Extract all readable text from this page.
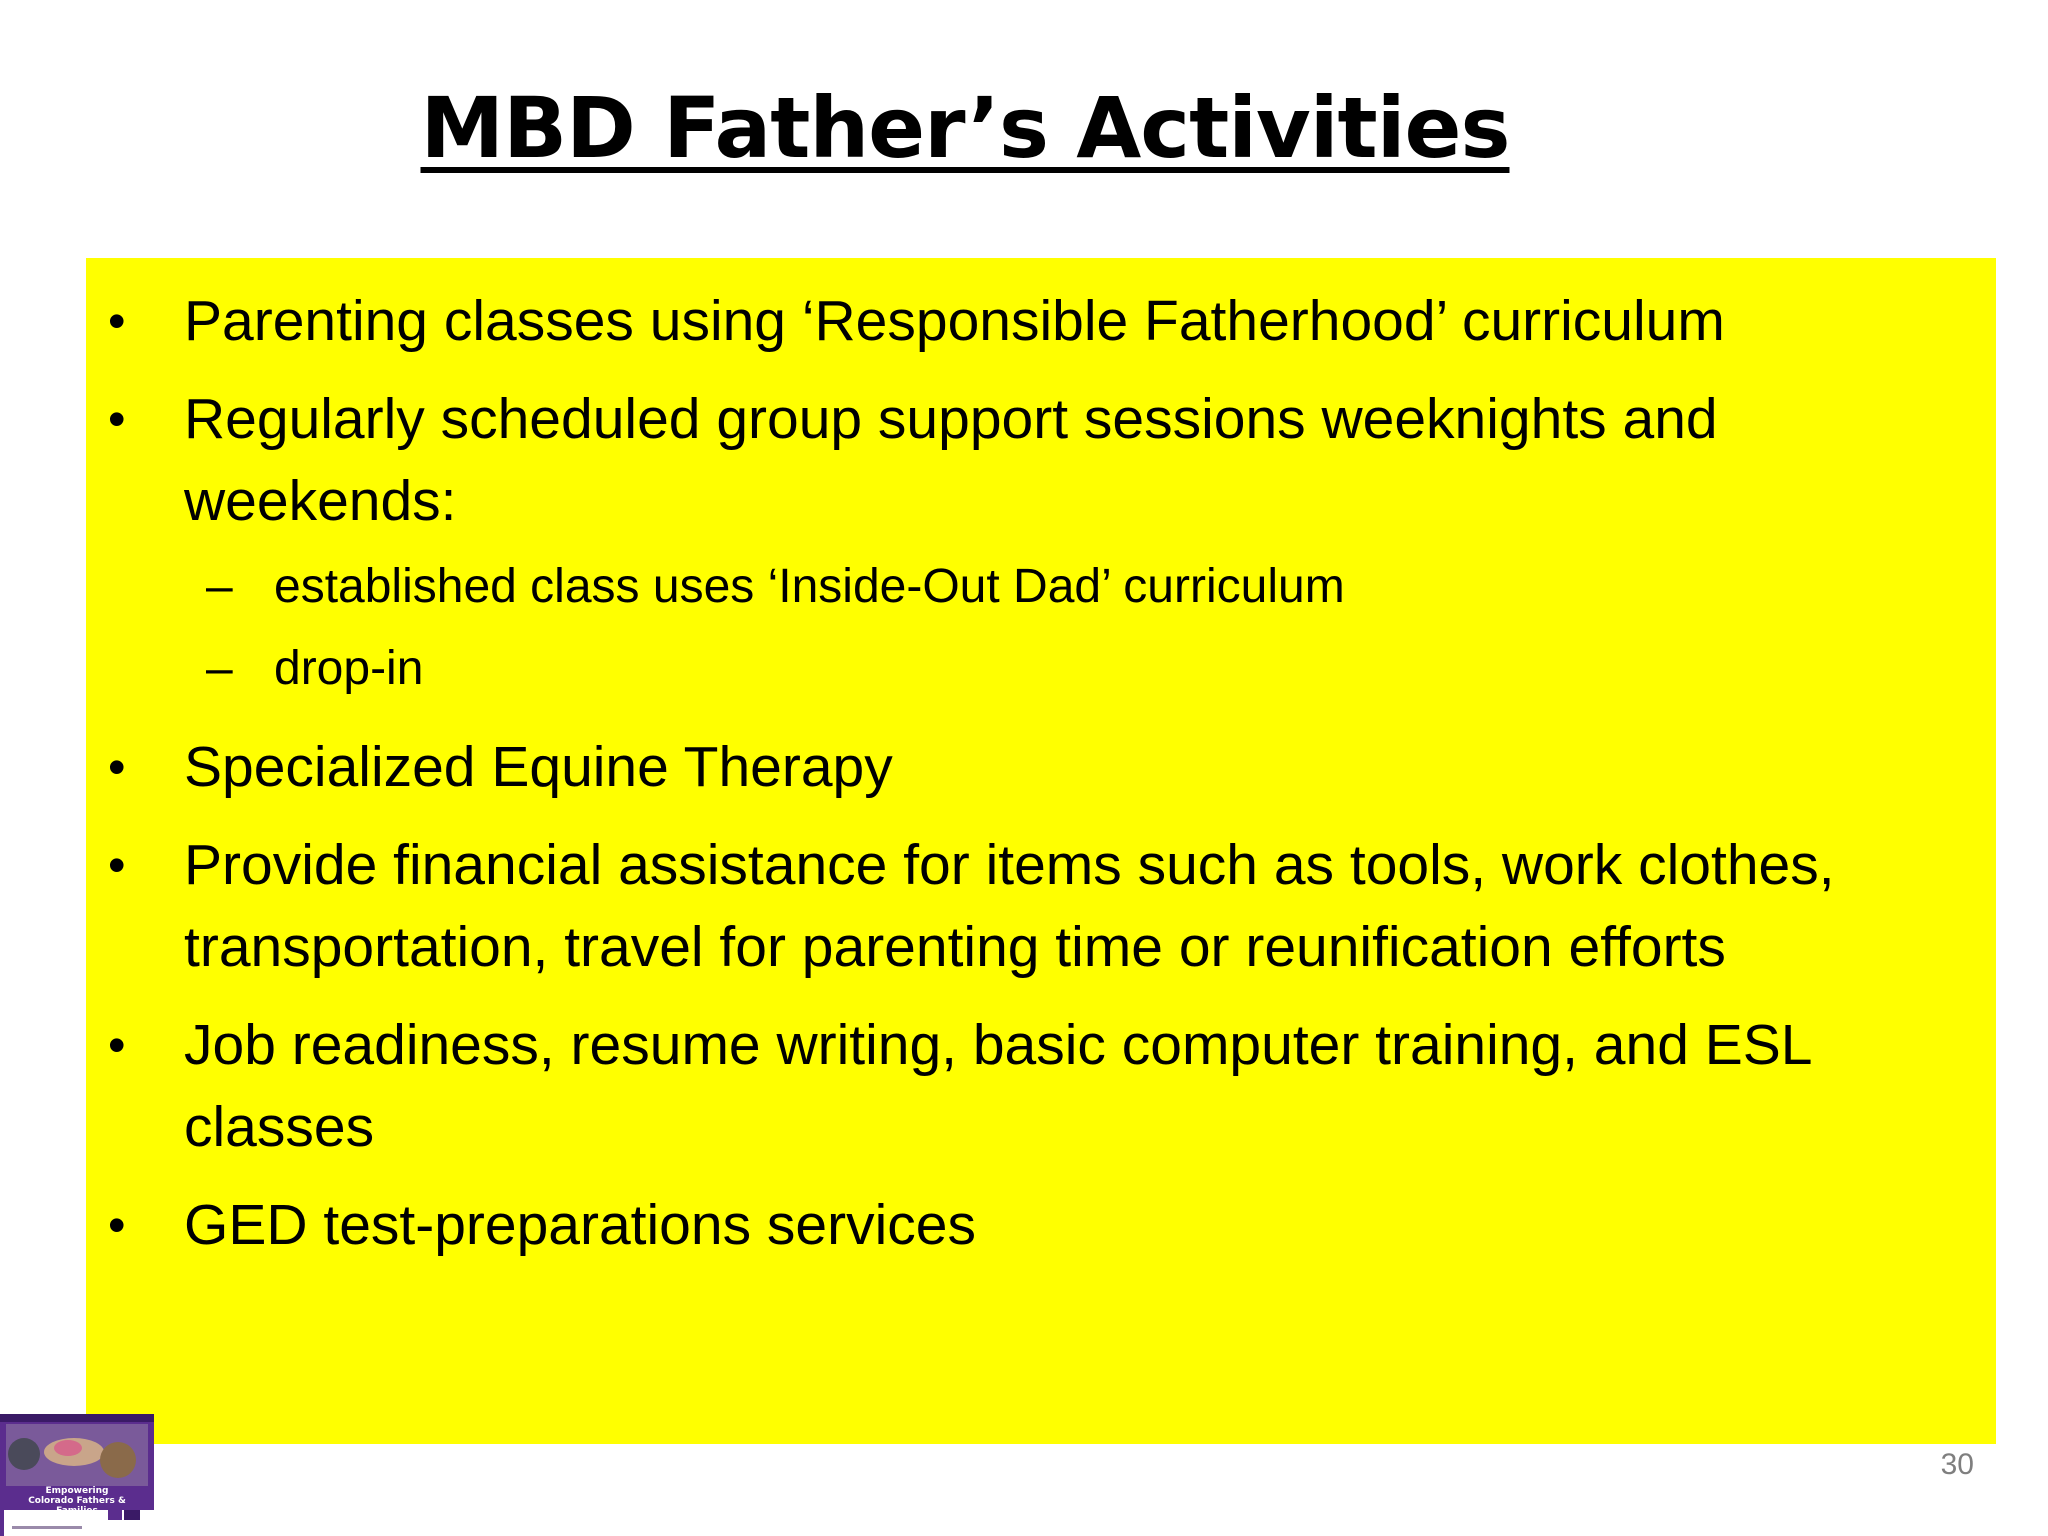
MBD Father’s Activities
•	Parenting classes using ‘Responsible Fatherhood’ curriculum
•	Regularly scheduled group support sessions weeknights and weekends:
– established class uses ‘Inside-Out Dad’ curriculum
– drop-in
•	Specialized Equine Therapy
•	Provide financial assistance for items such as tools, work clothes, transportation, travel for parenting time or reunification efforts
•	Job readiness, resume writing, basic computer training, and ESL classes
•	GED test-preparations services
Empowering Colorado Fathers & Families
30
